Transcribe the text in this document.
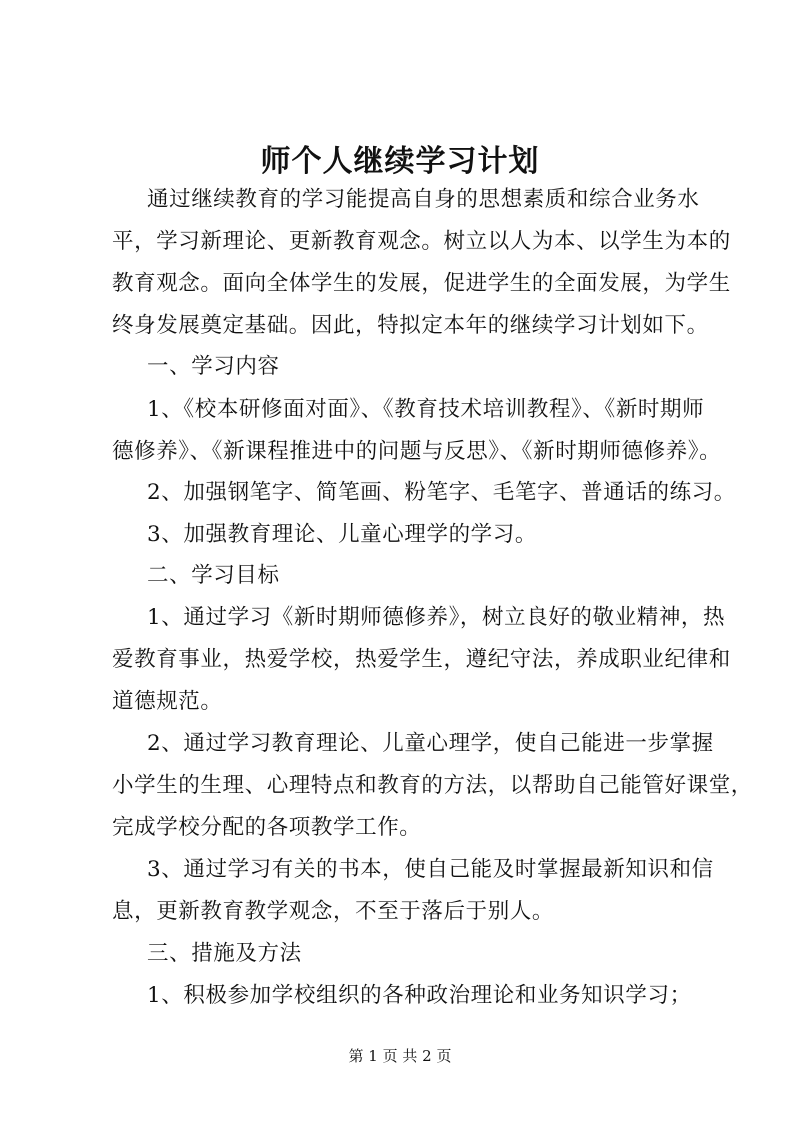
师个人继续学习计划
通过继续教育的学习能提高自身的思想素质和综合业务水
平，学习新理论、更新教育观念。树立以人为本、以学生为本的
教育观念。面向全体学生的发展，促进学生的全面发展，为学生
终身发展奠定基础。因此，特拟定本年的继续学习计划如下。
一、学习内容
1、《校本研修面对面》、《教育技术培训教程》、《新时期师
德修养》、《新课程推进中的问题与反思》、《新时期师德修养》。
2、加强钢笔字、简笔画、粉笔字、毛笔字、普通话的练习。
3、加强教育理论、儿童心理学的学习。
二、学习目标
1、通过学习《新时期师德修养》，树立良好的敬业精神，热
爱教育事业，热爱学校，热爱学生，遵纪守法，养成职业纪律和
道德规范。
2、通过学习教育理论、儿童心理学，使自己能进一步掌握
小学生的生理、心理特点和教育的方法，以帮助自己能管好课堂，
完成学校分配的各项教学工作。
3、通过学习有关的书本，使自己能及时掌握最新知识和信
息，更新教育教学观念，不至于落后于别人。
三、措施及方法
1、积极参加学校组织的各种政治理论和业务知识学习；
第 1 页 共 2 页
